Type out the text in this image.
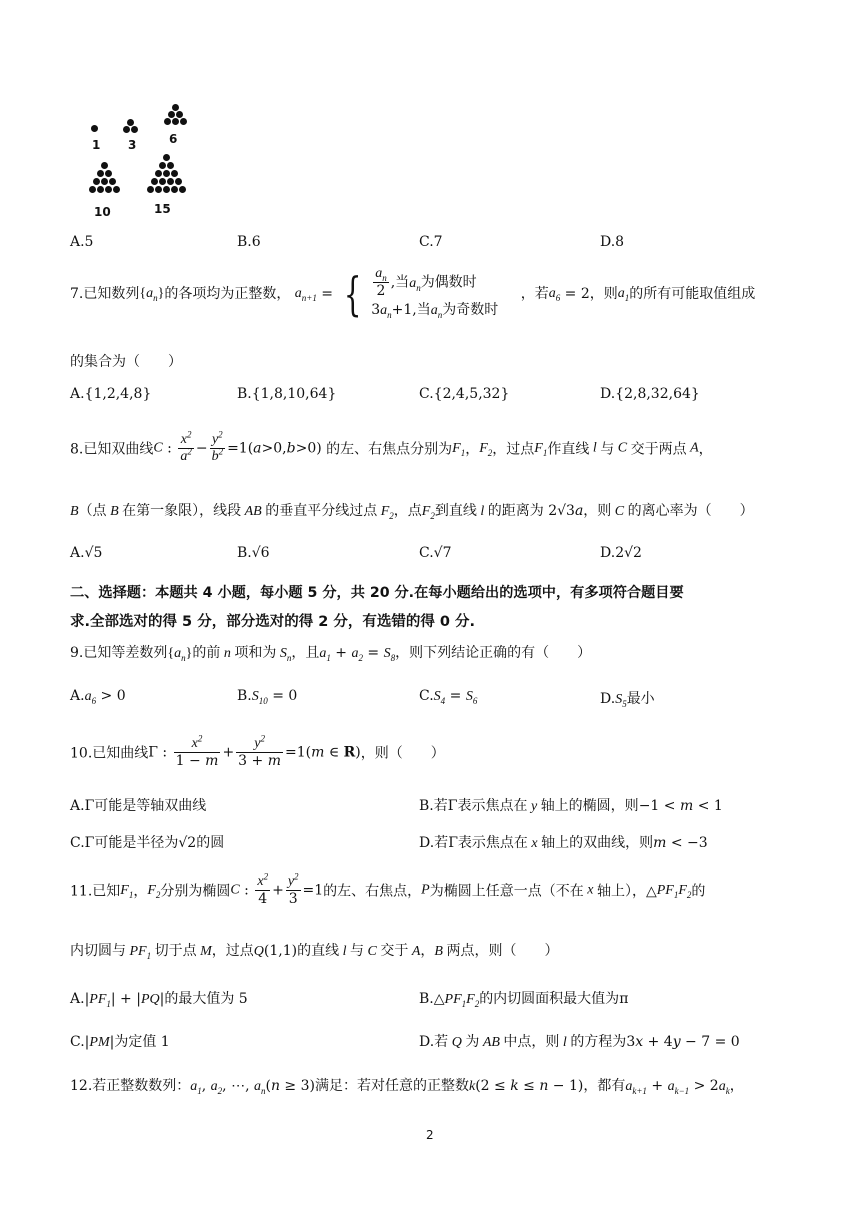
1 3	6
10	15
A.5	B.6	C.7	D.8
7.已知数列$\{a_n\}$的各项均为正整数， $a_{n+1}$ = { $\frac{a_n}{2}$ ,当$a_n$为偶数时
$3a_n+1$,当$a_n$为奇数时
，若$a_6 = 2$，则$a_1$的所有可能取值组成
的集合为（　　）
A.{1,2,4,8}	B.{1,8,10,64}	C.{2,4,5,32}	D.{2,8,32,64}
8.已知双曲线C : $\frac{x^2}{a^2} - \frac{y^2}{b^2} =1(a>0,b>0)$ 的左、右焦点分别为$F_1$，$F_2$，过点$F_1$作直线 l 与 C 交于两点 A，
B（点 B 在第一象限），线段 AB 的垂直平分线过点 $F_2$，点$F_2$到直线 l 的距离为 2√3a，则 C 的离心率为（　　）
A.√5	B.√6	C.√7	D.2√2
二、选择题：本题共 4 小题，每小题 5 分，共 20 分.在每小题给出的选项中，有多项符合题目要
求.全部选对的得 5 分，部分选对的得 2 分，有选错的得 0 分.
9.已知等差数列$\{a_n\}$的前 n 项和为 $S_n$，且$a_1 + a_2 = S_8$，则下列结论正确的有（　　）
$A.a_6 > 0$	$B.S_{10} = 0$	$C.S_4 = S_6$	$D.S_5$最小
10.已知曲线Γ : $\frac{x^2}{1 - m} + \frac{y^2}{3 + m} =1(m$ ∈ R)，则（　　）
A.Γ可能是等轴双曲线	B.若Γ表示焦点在 y 轴上的椭圆，则−1 < m < 1
C.Γ可能是半径为√2的圆	D.若Γ表示焦点在 x 轴上的双曲线，则m < −3
11.已知$F_1$，$F_2$分别为椭圆C : $\frac{x^2}{4} + \frac{y^2}{3} =1$的左、右焦点，P为椭圆上任意一点（不在 x 轴上），$\triangle PF_1F_2$的
内切圆与 $PF_1$ 切于点 M，过点Q(1,1)的直线 l 与 C 交于 A，B 两点，则（　　）
$A.|PF_1| + |PQ|$的最大值为 5	$B.\triangle PF_1F_2$的内切圆面积最大值为π
C.|PM|为定值 1	D.若 Q 为 AB 中点，则 l 的方程为3x + 4y − 7 = 0
12.若正整数数列：$a_1$, $a_2$, ⋯, $a_n(n \ge 3)$满足：若对任意的正整数k(2 ≤ k ≤ n − 1)，都有$a_{k+1} + a_{k-1} > 2a_k$，
2
